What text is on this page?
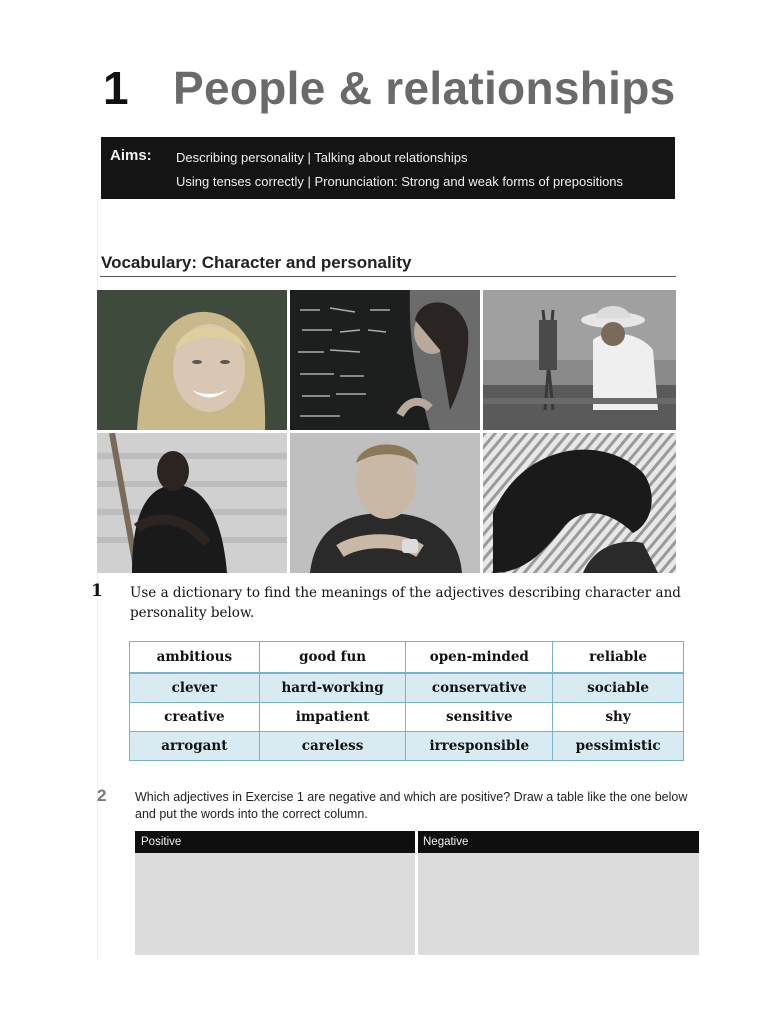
1 People & relationships
Aims: Describing personality | Talking about relationships
Using tenses correctly | Pronunciation: Strong and weak forms of prepositions
Vocabulary: Character and personality
1 Use a dictionary to find the meanings of the adjectives describing character and personality below.
ambitious	good fun	open-minded	reliable
clever	hard-working	conservative	sociable
creative	impatient	sensitive	shy
arrogant	careless	irresponsible	pessimistic
2 Which adjectives in Exercise 1 are negative and which are positive? Draw a table like the one below and put the words into the correct column.
Positive	Negative
